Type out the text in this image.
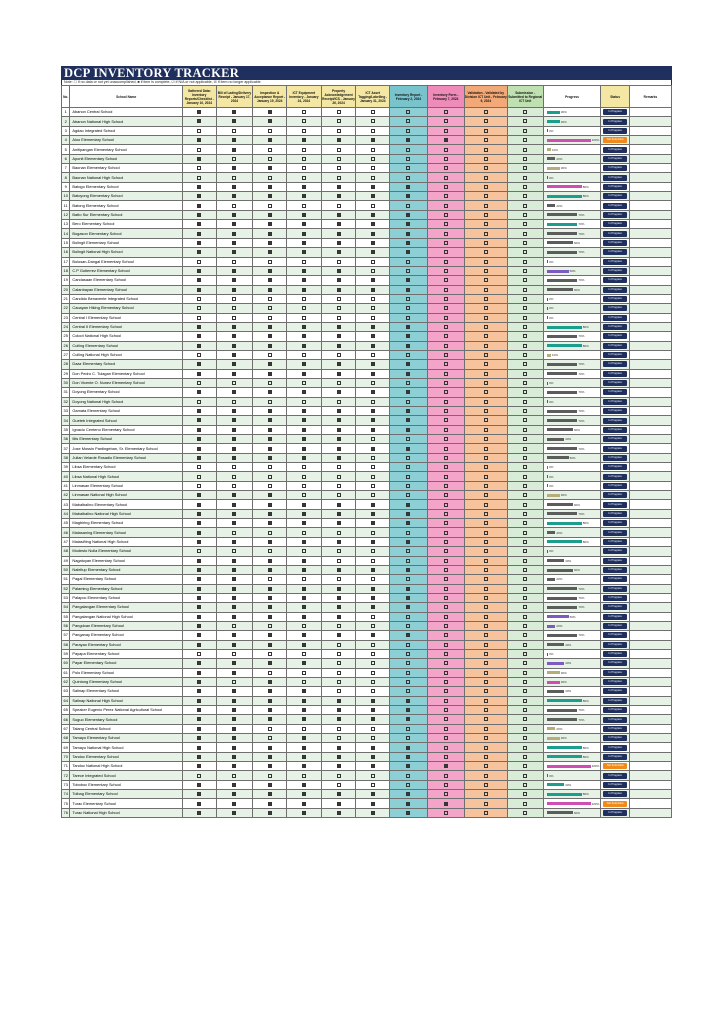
DCP INVENTORY TRACKER
Note: ☐ if no data or not yet unaccomplished, ■ if item is complete, ☑ if N/A or not applicable, ☒ if item no longer applicable
No.	School Name	Gathered Data: Inventory Reports/Checklist - January 10, 2024	Bill of Lading/Delivery Receipt - January 17, 2024	Inspection & Acceptance Report - January 19, 2024	ICT Equipment Inventory - January 24, 2024	Property Acknowledgement Receipt/ICS - January 26, 2024	ICT Asset Tagging/Labelling - January 31, 2024	Inventory Report - February 2, 2024	Inventory Form - February 7, 2024	Validation - Validated by Division ICT Unit - February 9, 2024	Submission - Submitted to Regional ICT Unit	Progress	Status	Remarks
1	Abanon Central School											30%	In Progress	

2	Abanon National High School											30%	In Progress	

3	Agdao Integrated School											0%	In Progress	

4	Aloo Elementary School											100%	Not Submitted	

5	Anitipangan Elementary School											10%	In Progress	

6	Aponit Elementary School											20%	In Progress	

7	Baonan Elementary School											30%	In Progress	

8	Baonan National High School											0%	In Progress	

9	Batogo Elementary School											80%	In Progress	

10	Batoyong Elementary School											80%	In Progress	

11	Batong Elementary School											20%	In Progress	

12	Batto Sur Elementary School											70%	In Progress	

13	Bero Elementary School											70%	In Progress	

14	Bogason Elementary School											70%	In Progress	

15	Bolingit Elementary School											60%	In Progress	

16	Bolingit National High School											70%	In Progress	

17	Bolosan-Dangal Elementary School											0%	In Progress	

18	C.P Gutierrez Elementary School											50%	In Progress	

19	Candasaan Elementary School											70%	In Progress	

20	Calanbayan Elementary School											60%	In Progress	

21	Candido Benavente Integrated School											0%	In Progress	

22	Caoayan Hiking Elementary School											0%	In Progress	

23	Central I Elementary School											0%	In Progress	

24	Central II Elementary School											80%	In Progress	

25	Coloot National High School											70%	In Progress	

26	Cuiling Elementary School											80%	In Progress	

27	Cuiling National High School											10%	In Progress	

28	Daaz Elementary School											70%	In Progress	

29	Don Pedro C. Tulagan Elementary School											70%	In Progress	

30	Don Vicente O. Nunez Elementary School											0%	In Progress	

31	Doyong Elementary School											70%	In Progress	

32	Doyong National High School											0%	In Progress	

33	Gamata Elementary School											70%	In Progress	

34	Gueteb Integrated School											70%	In Progress	

35	Ignacio Centeno Elementary School											60%	In Progress	

36	Ilits Elementary School											40%	In Progress	

37	Jose Mossin Pantingeban, Sr. Elementary School											70%	In Progress	

38	Julian Velarde Rosadio Elementary School											50%	In Progress	

39	Libsa Elementary School											0%	In Progress	

40	Libsa National High School											0%	In Progress	

41	Linmasan Elementary School											0%	In Progress	

42	Linmasan National High School											30%	In Progress	

43	Mabalbalino Elementary School											60%	In Progress	

44	Mabalbalino National High School											70%	In Progress	

45	Magbiring Elementary School											80%	In Progress	

46	Malasaning Elementary School											20%	In Progress	

47	Malasiñing National High School											80%	In Progress	

48	Modesto Nolla Elementary School											0%	In Progress	

49	Nagatoyan Elementary School											40%	In Progress	

50	Naleltup Elementary School											60%	In Progress	

51	Pagal Elementary School											20%	In Progress	

52	Palaming Elementary School											70%	In Progress	

53	Palapoc Elementary School											70%	In Progress	

54	Pangalangan Elementary School											70%	In Progress	

55	Pangalangan National High School											50%	In Progress	

56	Pangdoan Elementary School											20%	In Progress	

57	Panganay Elementary School											70%	In Progress	

58	Parayao Elementary School											40%	In Progress	

59	Payapa Elementary School											0%	In Progress	

60	Payar Elementary School											40%	In Progress	

61	Polo Elementary School											30%	In Progress	

62	Quintong Elementary School											30%	In Progress	

63	Salinap Elementary School											40%	In Progress	

64	Salinap National High School											80%	In Progress	

65	Speaker Eugenio Perez National Agricultural School											70%	In Progress	

66	Suguo Elementary School											70%	In Progress	

67	Talang Central School											20%	In Progress	

68	Tamayo Elementary School											30%	In Progress	

69	Tamayo National High School											80%	In Progress	

70	Tandoc Elementary School											80%	In Progress	

71	Tandoc National High School											100%	Not Submitted	

72	Tarece Integrated School											0%	In Progress	

73	Toboboc Elementary School											40%	In Progress	

74	Tolbag Elementary School											80%	In Progress	

75	Turac Elementary School											100%	Not Submitted	

76	Turac National High School											60%	In Progress	
